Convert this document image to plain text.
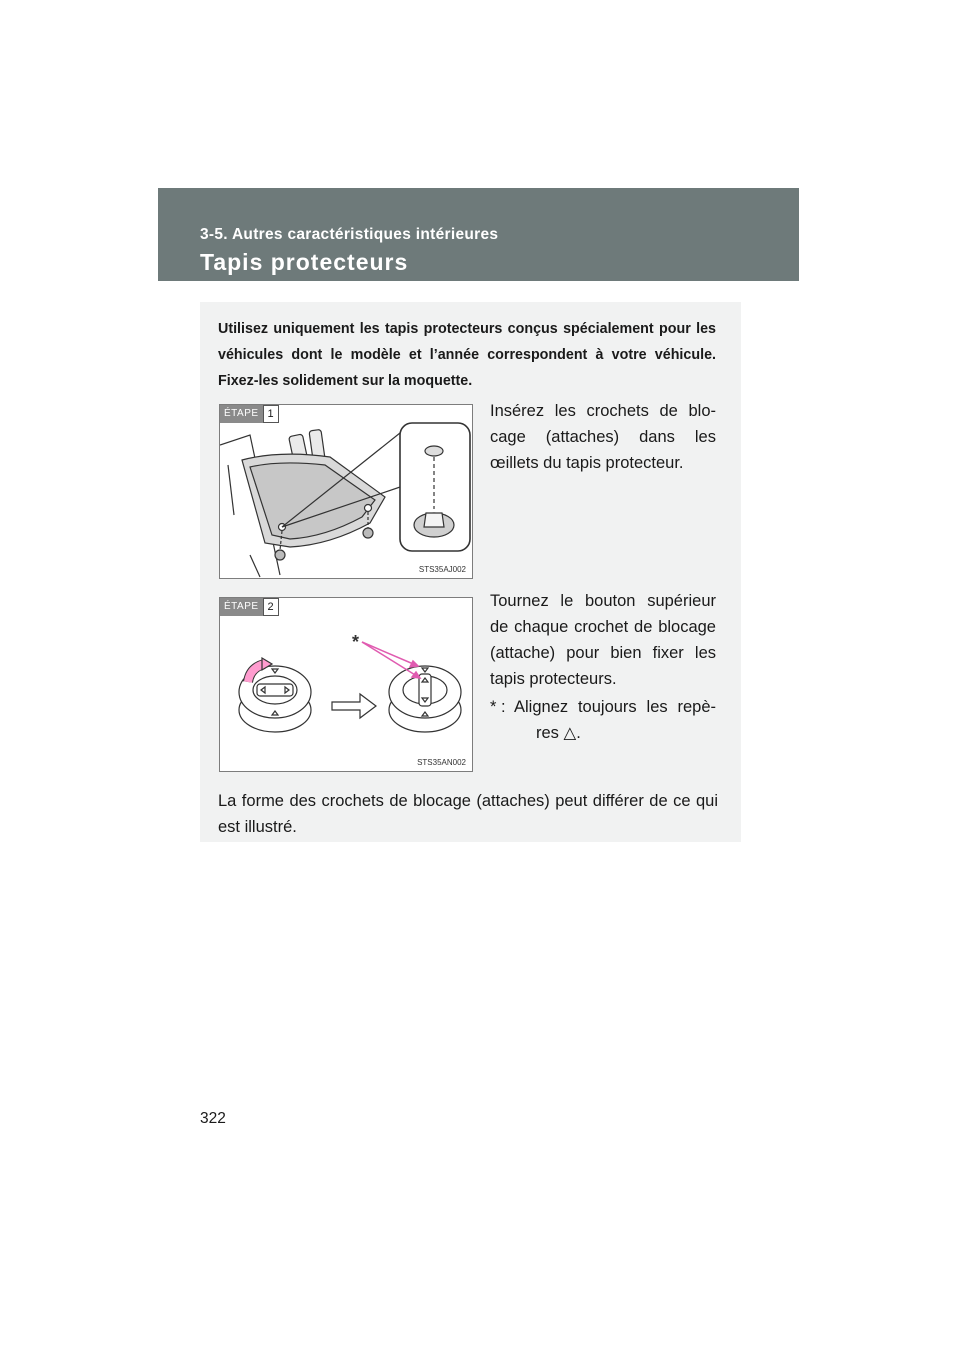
3-5. Autres caractéristiques intérieures
Tapis protecteurs
Utilisez uniquement les tapis protecteurs conçus spécialement pour les véhicules dont le modèle et l’année correspondent à votre véhicule. Fixez-les solidement sur la moquette.
ÉTAPE 1
STS35AJ002
Insérez les crochets de blo-
cage (attaches) dans les
œillets du tapis protecteur.
*
ÉTAPE 2
STS35AN002
Tournez le bouton supérieur
de chaque crochet de blocage
(attache) pour bien fixer les
tapis protecteurs.
* : Alignez toujours les repè-
res △.
La forme des crochets de blocage (attaches) peut différer de ce qui est illustré.
322
